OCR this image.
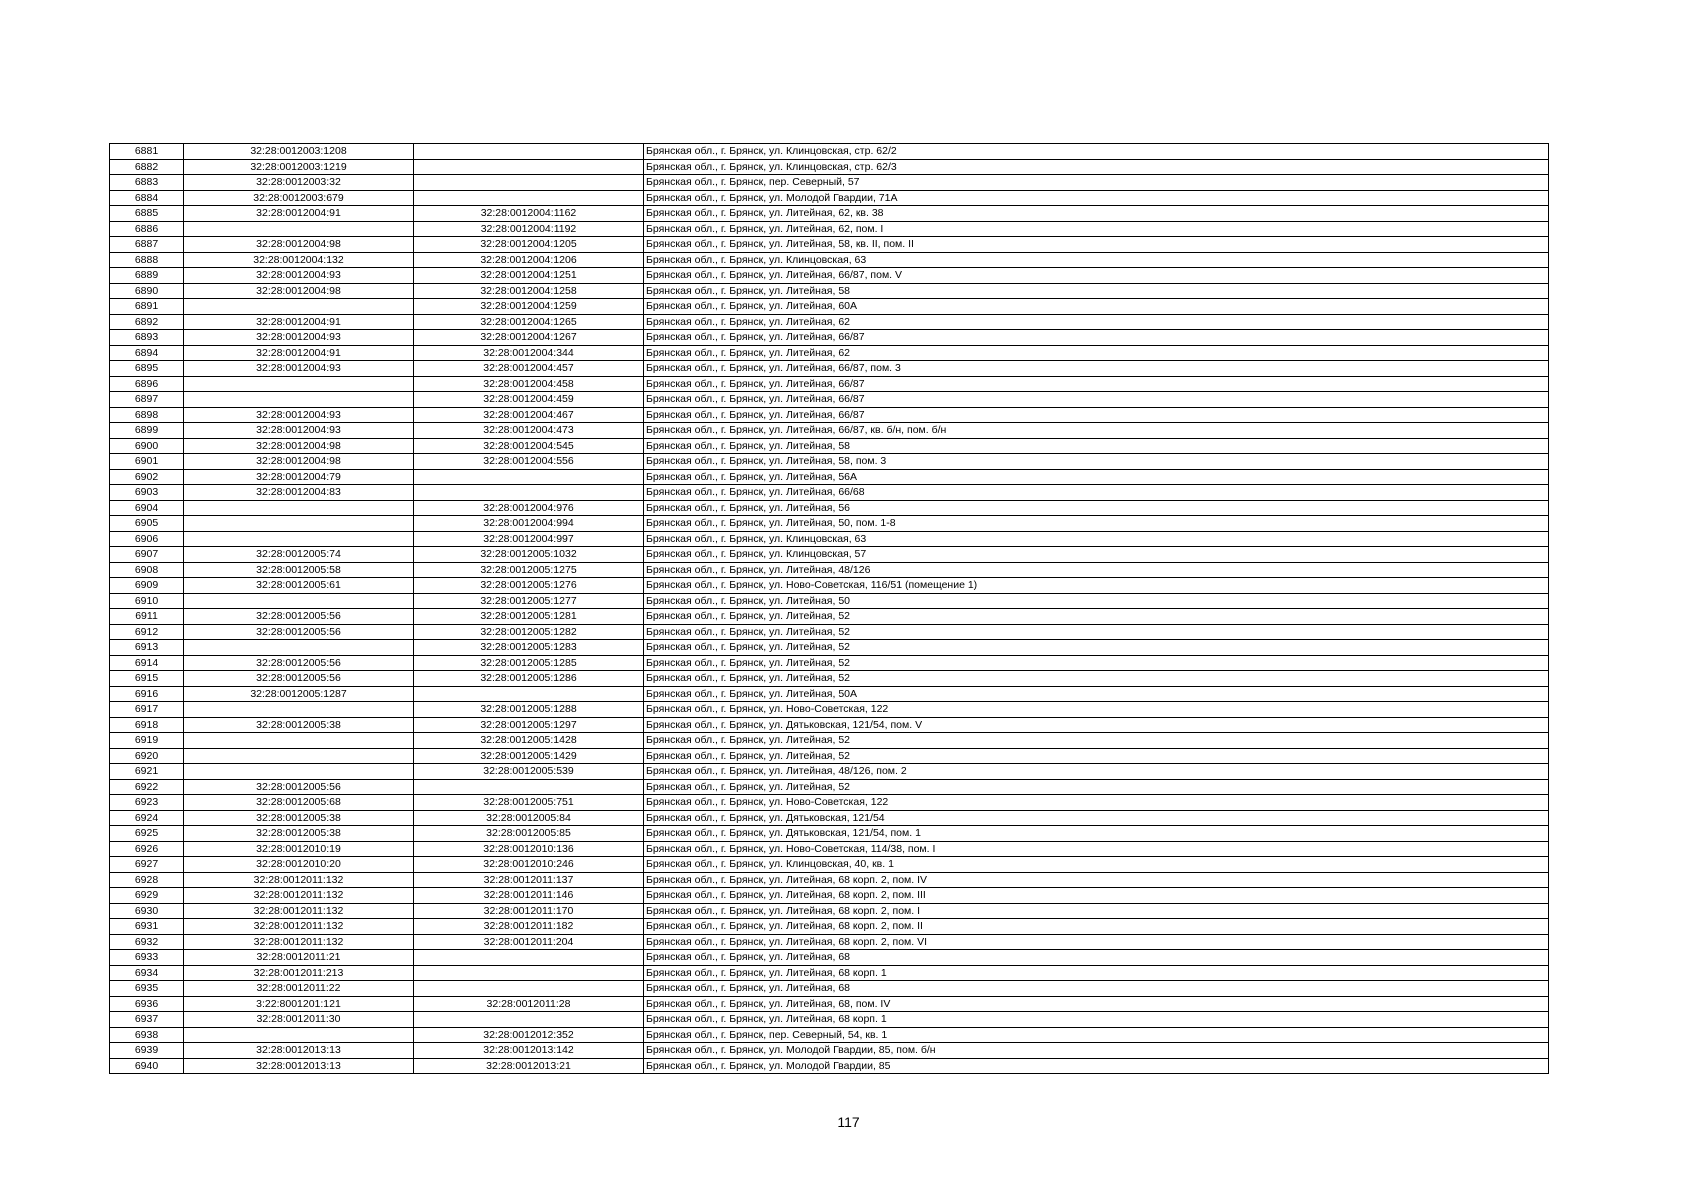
6881	32:28:0012003:1208		Брянская обл., г. Брянск, ул. Клинцовская, стр. 62/2
6882	32:28:0012003:1219		Брянская обл., г. Брянск, ул. Клинцовская, стр. 62/3
6883	32:28:0012003:32		Брянская обл., г. Брянск, пер. Северный, 57
6884	32:28:0012003:679		Брянская обл., г. Брянск, ул. Молодой Гвардии, 71А
6885	32:28:0012004:91	32:28:0012004:1162	Брянская обл., г. Брянск, ул. Литейная, 62, кв. 38
6886		32:28:0012004:1192	Брянская обл., г. Брянск, ул. Литейная, 62, пом. I
6887	32:28:0012004:98	32:28:0012004:1205	Брянская обл., г. Брянск, ул. Литейная, 58, кв. II, пом. II
6888	32:28:0012004:132	32:28:0012004:1206	Брянская обл., г. Брянск, ул. Клинцовская, 63
6889	32:28:0012004:93	32:28:0012004:1251	Брянская обл., г. Брянск, ул. Литейная, 66/87, пом. V
6890	32:28:0012004:98	32:28:0012004:1258	Брянская обл., г. Брянск, ул. Литейная, 58
6891		32:28:0012004:1259	Брянская обл., г. Брянск, ул. Литейная, 60А
6892	32:28:0012004:91	32:28:0012004:1265	Брянская обл., г. Брянск, ул. Литейная, 62
6893	32:28:0012004:93	32:28:0012004:1267	Брянская обл., г. Брянск, ул. Литейная, 66/87
6894	32:28:0012004:91	32:28:0012004:344	Брянская обл., г. Брянск, ул. Литейная, 62
6895	32:28:0012004:93	32:28:0012004:457	Брянская обл., г. Брянск, ул. Литейная, 66/87, пом. 3
6896		32:28:0012004:458	Брянская обл., г. Брянск, ул. Литейная, 66/87
6897		32:28:0012004:459	Брянская обл., г. Брянск, ул. Литейная, 66/87
6898	32:28:0012004:93	32:28:0012004:467	Брянская обл., г. Брянск, ул. Литейная, 66/87
6899	32:28:0012004:93	32:28:0012004:473	Брянская обл., г. Брянск, ул. Литейная, 66/87, кв. б/н, пом. б/н
6900	32:28:0012004:98	32:28:0012004:545	Брянская обл., г. Брянск, ул. Литейная, 58
6901	32:28:0012004:98	32:28:0012004:556	Брянская обл., г. Брянск, ул. Литейная, 58, пом. 3
6902	32:28:0012004:79		Брянская обл., г. Брянск, ул. Литейная, 56А
6903	32:28:0012004:83		Брянская обл., г. Брянск, ул. Литейная, 66/68
6904		32:28:0012004:976	Брянская обл., г. Брянск, ул. Литейная, 56
6905		32:28:0012004:994	Брянская обл., г. Брянск, ул. Литейная, 50, пом. 1-8
6906		32:28:0012004:997	Брянская обл., г. Брянск, ул. Клинцовская, 63
6907	32:28:0012005:74	32:28:0012005:1032	Брянская обл., г. Брянск, ул. Клинцовская, 57
6908	32:28:0012005:58	32:28:0012005:1275	Брянская обл., г. Брянск, ул. Литейная, 48/126
6909	32:28:0012005:61	32:28:0012005:1276	Брянская обл., г. Брянск, ул. Ново-Советская, 116/51 (помещение 1)
6910		32:28:0012005:1277	Брянская обл., г. Брянск, ул. Литейная, 50
6911	32:28:0012005:56	32:28:0012005:1281	Брянская обл., г. Брянск, ул. Литейная, 52
6912	32:28:0012005:56	32:28:0012005:1282	Брянская обл., г. Брянск, ул. Литейная, 52
6913		32:28:0012005:1283	Брянская обл., г. Брянск, ул. Литейная, 52
6914	32:28:0012005:56	32:28:0012005:1285	Брянская обл., г. Брянск, ул. Литейная, 52
6915	32:28:0012005:56	32:28:0012005:1286	Брянская обл., г. Брянск, ул. Литейная, 52
6916	32:28:0012005:1287		Брянская обл., г. Брянск, ул. Литейная, 50А
6917		32:28:0012005:1288	Брянская обл., г. Брянск, ул. Ново-Советская, 122
6918	32:28:0012005:38	32:28:0012005:1297	Брянская обл., г. Брянск, ул. Дятьковская, 121/54, пом. V
6919		32:28:0012005:1428	Брянская обл., г. Брянск, ул. Литейная, 52
6920		32:28:0012005:1429	Брянская обл., г. Брянск, ул. Литейная, 52
6921		32:28:0012005:539	Брянская обл., г. Брянск, ул. Литейная, 48/126, пом. 2
6922	32:28:0012005:56		Брянская обл., г. Брянск, ул. Литейная, 52
6923	32:28:0012005:68	32:28:0012005:751	Брянская обл., г. Брянск, ул. Ново-Советская, 122
6924	32:28:0012005:38	32:28:0012005:84	Брянская обл., г. Брянск, ул. Дятьковская, 121/54
6925	32:28:0012005:38	32:28:0012005:85	Брянская обл., г. Брянск, ул. Дятьковская, 121/54, пом. 1
6926	32:28:0012010:19	32:28:0012010:136	Брянская обл., г. Брянск, ул. Ново-Советская, 114/38, пом. I
6927	32:28:0012010:20	32:28:0012010:246	Брянская обл., г. Брянск, ул. Клинцовская, 40, кв. 1
6928	32:28:0012011:132	32:28:0012011:137	Брянская обл., г. Брянск, ул. Литейная, 68 корп. 2, пом. IV
6929	32:28:0012011:132	32:28:0012011:146	Брянская обл., г. Брянск, ул. Литейная, 68 корп. 2, пом. III
6930	32:28:0012011:132	32:28:0012011:170	Брянская обл., г. Брянск, ул. Литейная, 68 корп. 2, пом. I
6931	32:28:0012011:132	32:28:0012011:182	Брянская обл., г. Брянск, ул. Литейная, 68 корп. 2, пом. II
6932	32:28:0012011:132	32:28:0012011:204	Брянская обл., г. Брянск, ул. Литейная, 68 корп. 2, пом. VI
6933	32:28:0012011:21		Брянская обл., г. Брянск, ул. Литейная, 68
6934	32:28:0012011:213		Брянская обл., г. Брянск, ул. Литейная, 68 корп. 1
6935	32:28:0012011:22		Брянская обл., г. Брянск, ул. Литейная, 68
6936	3:22:8001201:121	32:28:0012011:28	Брянская обл., г. Брянск, ул. Литейная, 68, пом. IV
6937	32:28:0012011:30		Брянская обл., г. Брянск, ул. Литейная, 68 корп. 1
6938		32:28:0012012:352	Брянская обл., г. Брянск, пер. Северный, 54, кв. 1
6939	32:28:0012013:13	32:28:0012013:142	Брянская обл., г. Брянск, ул. Молодой Гвардии, 85, пом. б/н
6940	32:28:0012013:13	32:28:0012013:21	Брянская обл., г. Брянск, ул. Молодой Гвардии, 85
117
